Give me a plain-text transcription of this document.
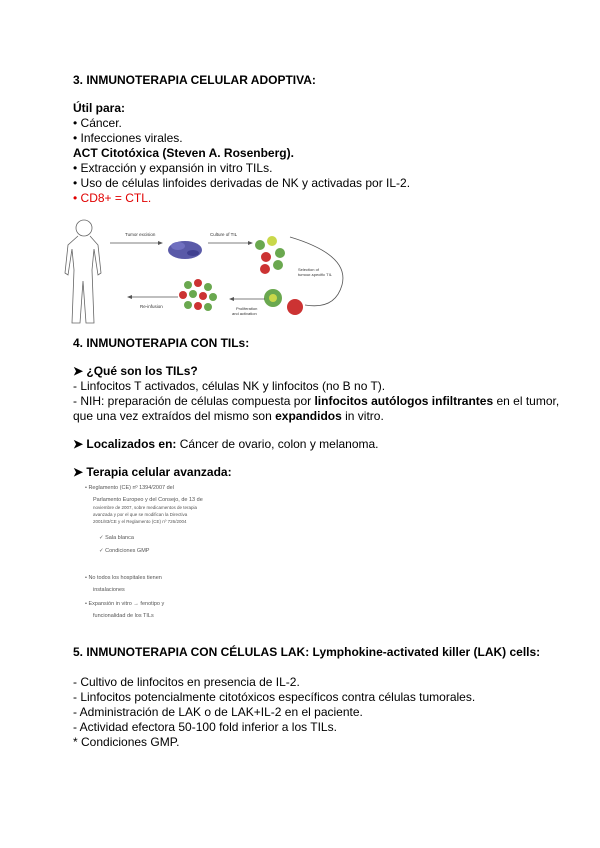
3. INMUNOTERAPIA CELULAR ADOPTIVA:
Útil para:
• Cáncer.
• Infecciones virales.
ACT Citotóxica (Steven A. Rosenberg).
• Extracción y expansión in vitro TILs.
• Uso de células linfoides derivadas de NK y activadas por IL-2.
• CD8+ = CTL.
Tumor excision	Culture of TIL
Selection of
tumour-specific TIL
Proliferation
and activation
Re-infusion
4. INMUNOTERAPIA CON TILs:
➤ ¿Qué son los TILs?
- Linfocitos T activados, células NK y linfocitos (no B no T).
- NIH: preparación de células compuesta por linfocitos autólogos infiltrantes en el tumor,
que una vez extraídos del mismo son expandidos in vitro.
➤ Localizados en: Cáncer de ovario, colon y melanoma.
➤ Terapia celular avanzada:
• Reglamento (CE) nº 1394/2007 del
Parlamento Europeo y del Consejo, de 13 de
noviembre de 2007, sobre medicamentos de terapia
avanzada y por el que se modifican la Directiva
2001/83/CE y el Reglamento (CE) nº 726/2004
✓ Sala blanca
✓ Condiciones GMP
• No todos los hospitales tienen
instalaciones
• Expansión in vitro → fenotipo y
funcionalidad de los TILs
5. INMUNOTERAPIA CON CÉLULAS LAK: Lymphokine-activated killer (LAK) cells:
- Cultivo de linfocitos en presencia de IL-2.
- Linfocitos potencialmente citotóxicos específicos contra células tumorales.
- Administración de LAK o de LAK+IL-2 en el paciente.
- Actividad efectora 50-100 fold inferior a los TILs.
* Condiciones GMP.
